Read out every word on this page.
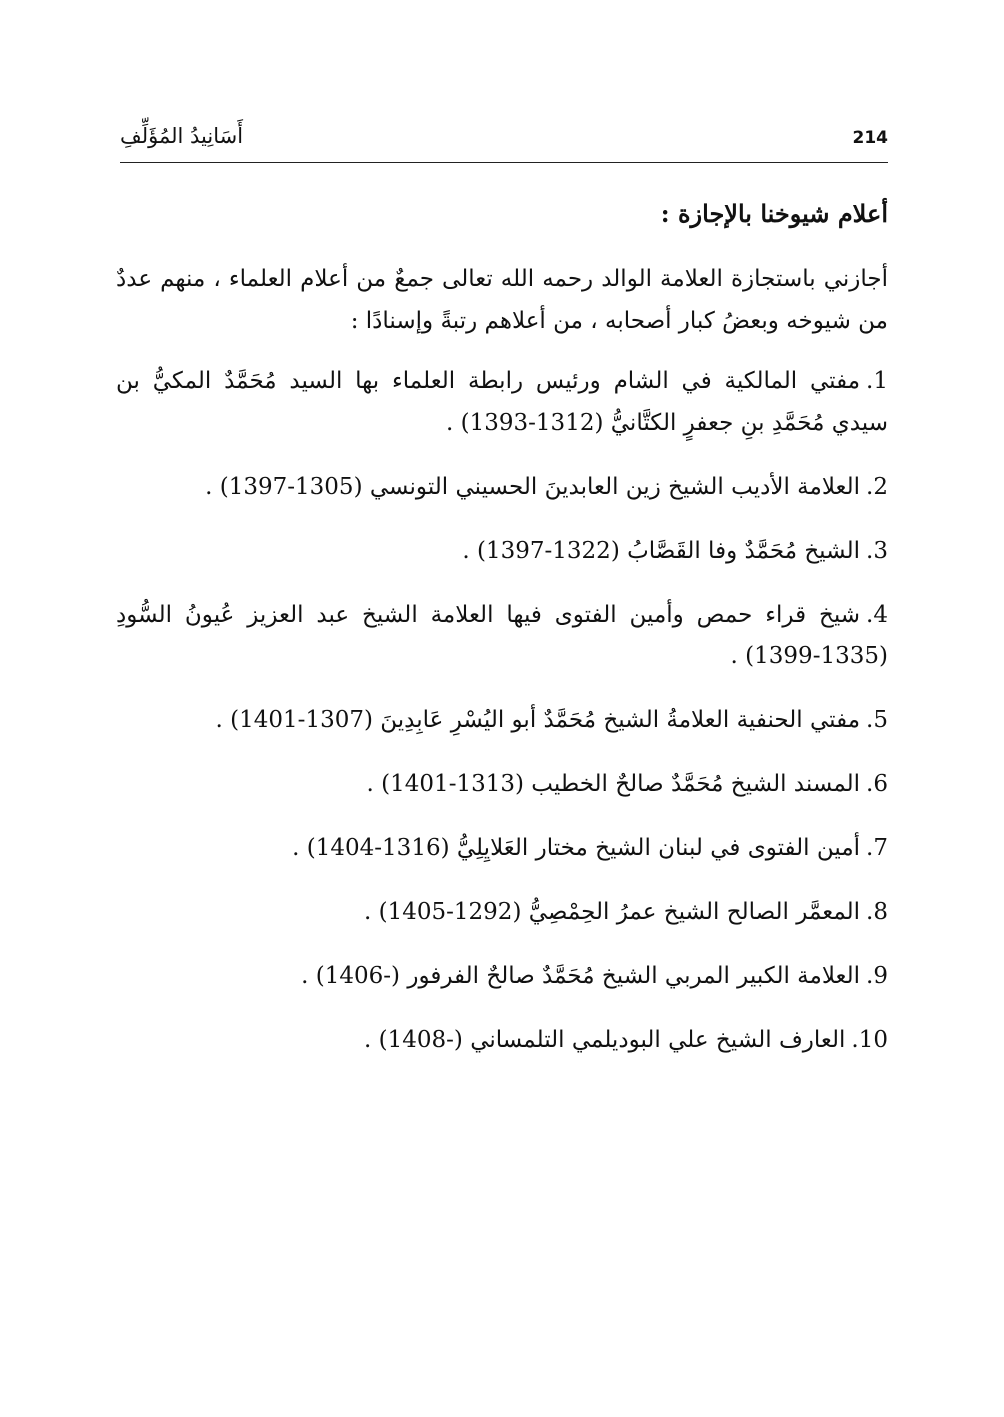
أَسَانِيدُ المُؤَلِّفِ	214

أعلام شيوخنا بالإجازة :

أجازني باستجازة العلامة الوالد رحمه الله تعالى جمعٌ من أعلام العلماء ، منهم عددٌ من شيوخه وبعضُ كبار أصحابه ، من أعلاهم رتبةً وإسنادًا :

1.مفتي المالكية في الشام ورئيس رابطة العلماء بها السيد مُحَمَّدٌ المكيُّ بن سيدي مُحَمَّدِ بنِ جعفرٍ الكتَّانيُّ (1312-1393) .
2.العلامة الأديب الشيخ زين العابدينَ الحسيني التونسي (1305-1397) .
3.الشيخ مُحَمَّدٌ وفا القَصَّابُ (1322-1397) .
4.شيخ قراء حمص وأمين الفتوى فيها العلامة الشيخ عبد العزيز عُيونُ السُّودِ (1335-1399) .
5.مفتي الحنفية العلامةُ الشيخ مُحَمَّدٌ أبو اليُسْرِ عَابِدِينَ (1307-1401) .
6.المسند الشيخ مُحَمَّدٌ صالحٌ الخطيب (1313-1401) .
7.أمين الفتوى في لبنان الشيخ مختار العَلايِلِيُّ (1316-1404) .
8.المعمَّر الصالح الشيخ عمرُ الحِمْصِيُّ (1292-1405) .
9.العلامة الكبير المربي الشيخ مُحَمَّدٌ صالحٌ الفرفور (-1406) .
10.العارف الشيخ علي البوديلمي التلمساني (-1408) .
